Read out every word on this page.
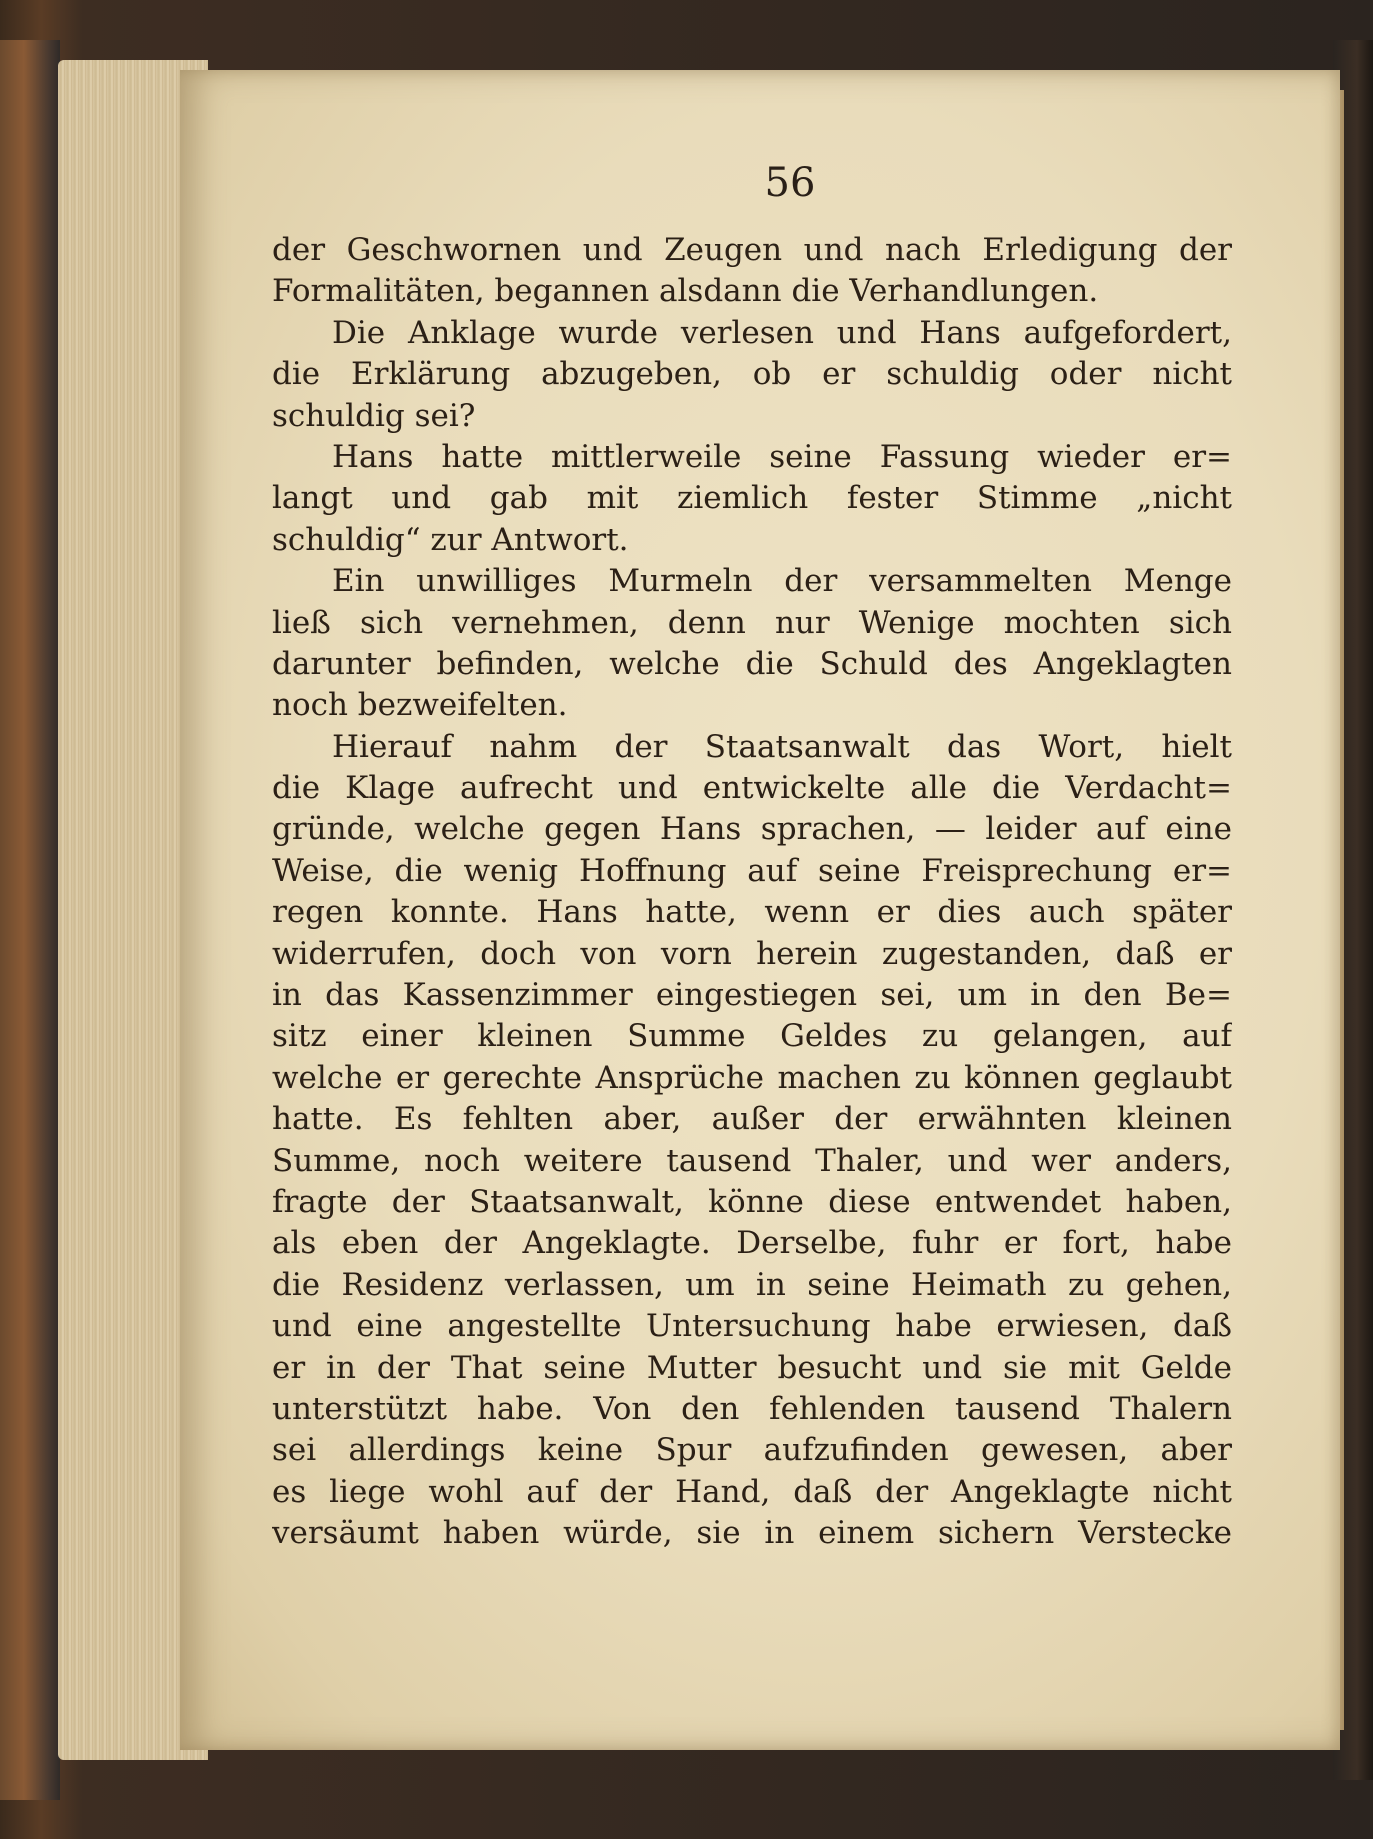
56
der Geschwornen und Zeugen und nach Erledigung der
Formalitäten, begannen alsdann die Verhandlungen.
Die Anklage wurde verlesen und Hans aufgefordert,
die Erklärung abzugeben, ob er schuldig oder nicht
schuldig sei?
Hans hatte mittlerweile seine Fassung wieder er=
langt und gab mit ziemlich fester Stimme „nicht
schuldig“ zur Antwort.
Ein unwilliges Murmeln der versammelten Menge
ließ sich vernehmen, denn nur Wenige mochten sich
darunter befinden, welche die Schuld des Angeklagten
noch bezweifelten.
Hierauf nahm der Staatsanwalt das Wort, hielt
die Klage aufrecht und entwickelte alle die Verdacht=
gründe, welche gegen Hans sprachen, — leider auf eine
Weise, die wenig Hoffnung auf seine Freisprechung er=
regen konnte. Hans hatte, wenn er dies auch später
widerrufen, doch von vorn herein zugestanden, daß er
in das Kassenzimmer eingestiegen sei, um in den Be=
sitz einer kleinen Summe Geldes zu gelangen, auf
welche er gerechte Ansprüche machen zu können geglaubt
hatte. Es fehlten aber, außer der erwähnten kleinen
Summe, noch weitere tausend Thaler, und wer anders,
fragte der Staatsanwalt, könne diese entwendet haben,
als eben der Angeklagte. Derselbe, fuhr er fort, habe
die Residenz verlassen, um in seine Heimath zu gehen,
und eine angestellte Untersuchung habe erwiesen, daß
er in der That seine Mutter besucht und sie mit Gelde
unterstützt habe. Von den fehlenden tausend Thalern
sei allerdings keine Spur aufzufinden gewesen, aber
es liege wohl auf der Hand, daß der Angeklagte nicht
versäumt haben würde, sie in einem sichern Verstecke
